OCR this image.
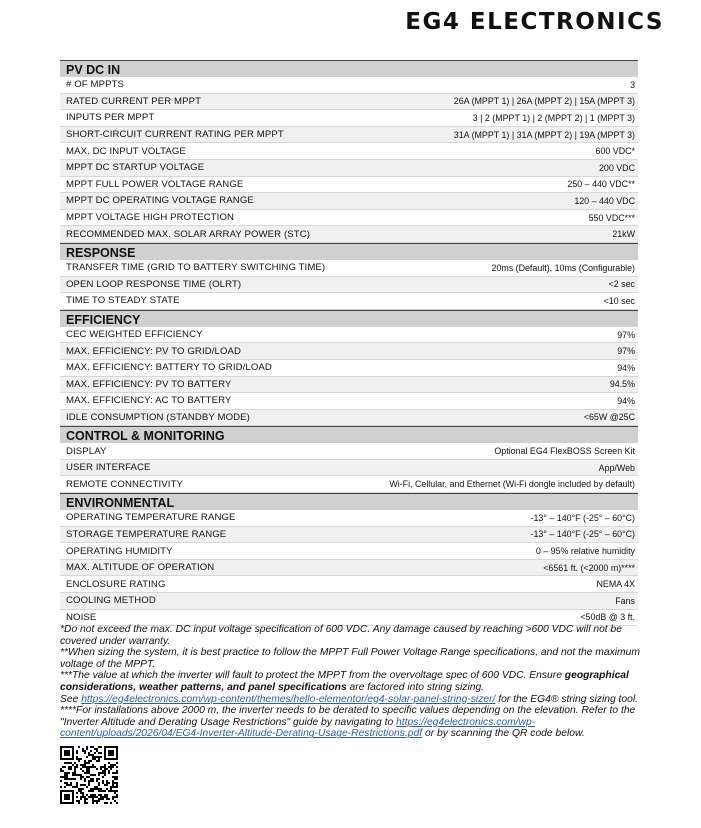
EG4 ELECTRONICS
PV DC IN
# OF MPPTS	3
RATED CURRENT PER MPPT	26A (MPPT 1) | 26A (MPPT 2) | 15A (MPPT 3)
INPUTS PER MPPT	3 | 2 (MPPT 1) | 2 (MPPT 2) | 1 (MPPT 3)
SHORT-CIRCUIT CURRENT RATING PER MPPT	31A (MPPT 1) | 31A (MPPT 2) | 19A (MPPT 3)
MAX. DC INPUT VOLTAGE	600 VDC*
MPPT DC STARTUP VOLTAGE	200 VDC
MPPT FULL POWER VOLTAGE RANGE	250 – 440 VDC**
MPPT DC OPERATING VOLTAGE RANGE	120 – 440 VDC
MPPT VOLTAGE HIGH PROTECTION	550 VDC***
RECOMMENDED MAX. SOLAR ARRAY POWER (STC)	21kW
RESPONSE
TRANSFER TIME (GRID TO BATTERY SWITCHING TIME)	20ms (Default), 10ms (Configurable)
OPEN LOOP RESPONSE TIME (OLRT)	<2 sec
TIME TO STEADY STATE	<10 sec
EFFICIENCY
CEC WEIGHTED EFFICIENCY	97%
MAX. EFFICIENCY: PV TO GRID/LOAD	97%
MAX. EFFICIENCY: BATTERY TO GRID/LOAD	94%
MAX. EFFICIENCY: PV TO BATTERY	94.5%
MAX. EFFICIENCY: AC TO BATTERY	94%
IDLE CONSUMPTION (STANDBY MODE)	<65W @25C
CONTROL & MONITORING
DISPLAY	Optional EG4 FlexBOSS Screen Kit
USER INTERFACE	App/Web
REMOTE CONNECTIVITY	Wi-Fi, Cellular, and Ethernet (Wi-Fi dongle included by default)
ENVIRONMENTAL
OPERATING TEMPERATURE RANGE	-13° – 140°F (-25° – 60°C)
STORAGE TEMPERATURE RANGE	-13° – 140°F (-25° – 60°C)
OPERATING HUMIDITY	0 – 95% relative humidity
MAX. ALTITUDE OF OPERATION	<6561 ft. (<2000 m)****
ENCLOSURE RATING	NEMA 4X
COOLING METHOD	Fans
NOISE	<50dB @ 3 ft.

*Do not exceed the max. DC input voltage specification of 600 VDC. Any damage caused by reaching >600 VDC will not be covered under warranty.

**When sizing the system, it is best practice to follow the MPPT Full Power Voltage Range specifications, and not the maximum voltage of the MPPT.

***The value at which the inverter will fault to protect the MPPT from the overvoltage spec of 600 VDC. Ensure geographical considerations, weather patterns, and panel specifications are factored into string sizing.

See https://eg4electronics.com/wp-content/themes/hello-elementor/eg4-solar-panel-string-sizer/ for the EG4® string sizing tool.

****For installations above 2000 m, the inverter needs to be derated to specific values depending on the elevation. Refer to the "Inverter Altitude and Derating Usage Restrictions" guide by navigating to https://eg4electronics.com/wp-content/uploads/2026/04/EG4-Inverter-Altitude-Derating-Usage-Restrictions.pdf or by scanning the QR code below.
